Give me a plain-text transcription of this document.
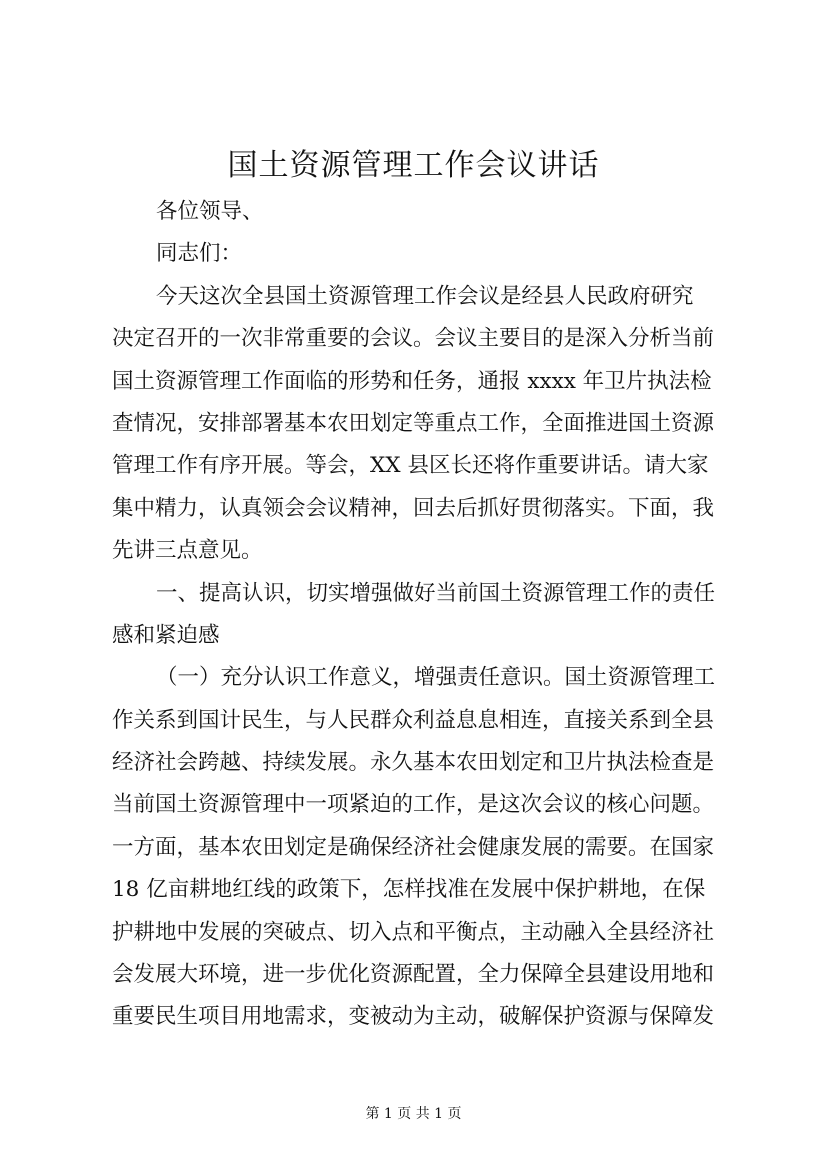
国土资源管理工作会议讲话
各位领导、
同志们：
今天这次全县国土资源管理工作会议是经县人民政府研究
决定召开的一次非常重要的会议。会议主要目的是深入分析当前
国土资源管理工作面临的形势和任务，通报 xxxx 年卫片执法检
查情况，安排部署基本农田划定等重点工作，全面推进国土资源
管理工作有序开展。等会，XX 县区长还将作重要讲话。请大家
集中精力，认真领会会议精神，回去后抓好贯彻落实。下面，我
先讲三点意见。
一、提高认识，切实增强做好当前国土资源管理工作的责任
感和紧迫感
（一）充分认识工作意义，增强责任意识。国土资源管理工
作关系到国计民生，与人民群众利益息息相连，直接关系到全县
经济社会跨越、持续发展。永久基本农田划定和卫片执法检查是
当前国土资源管理中一项紧迫的工作，是这次会议的核心问题。
一方面，基本农田划定是确保经济社会健康发展的需要。在国家
18 亿亩耕地红线的政策下，怎样找准在发展中保护耕地，在保
护耕地中发展的突破点、切入点和平衡点，主动融入全县经济社
会发展大环境，进一步优化资源配置，全力保障全县建设用地和
重要民生项目用地需求，变被动为主动，破解保护资源与保障发
第 1 页 共 1 页
